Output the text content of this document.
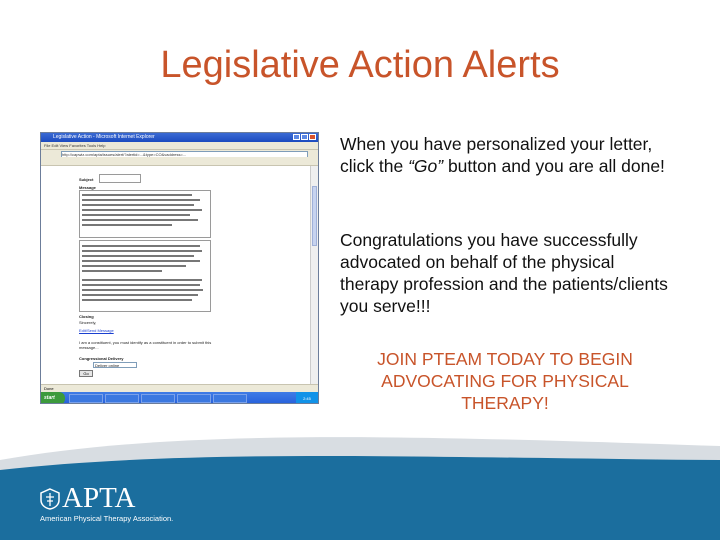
Legislative Action Alerts
When you have personalized your letter, click the “Go” button and you are all done!
Congratulations you have successfully advocated on behalf of the physical therapy profession and the patients/clients you serve!!!
JOIN PTEAM TODAY TO BEGIN ADVOCATING FOR PHYSICAL THERAPY!
Legislative Action - Microsoft Internet Explorer
File Edit View Favorites Tools Help
http://capwiz.com/apta/issues/alert/?alertid=...&type=CO&vaddress=...
Subject
Message
Closing
Sincerely,
Edit/Send Message
I am a constituent, you must identify as a constituent in order to submit this message...
Congressional Delivery
Deliver online
Go
Done
start	2:45
APTA
American Physical Therapy Association.
